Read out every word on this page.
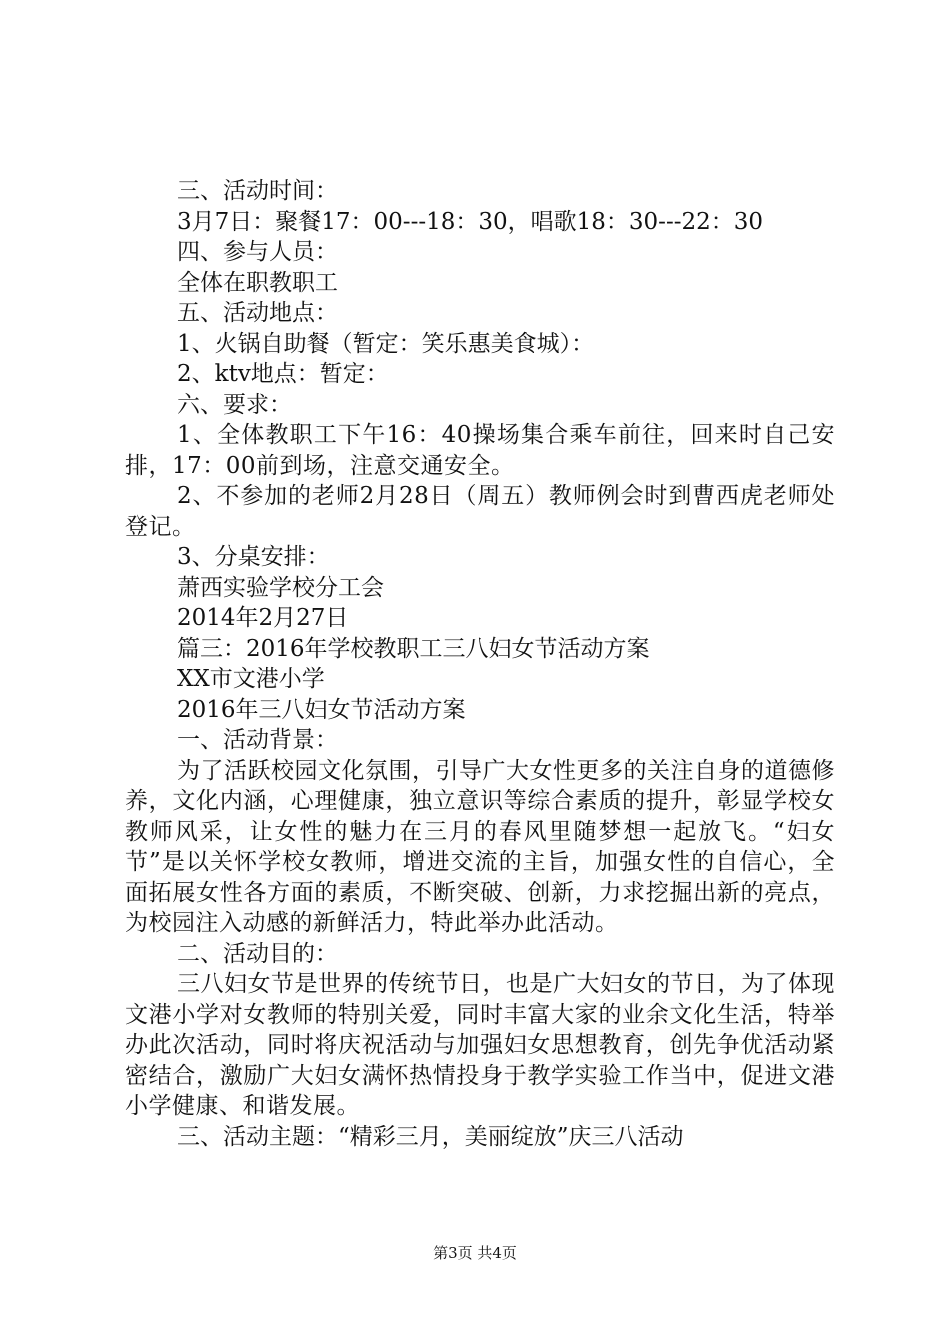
三、活动时间：
3月7日：聚餐17：00---18：30，唱歌18：30---22：30
四、参与人员：
全体在职教职工
五、活动地点：
1、火锅自助餐（暂定：笑乐惠美食城）：
2、ktv地点：暂定：
六、要求：

1、全体教职工下午16：40操场集合乘车前往，回来时自己安排，17：00前到场，注意交通安全。

2、不参加的老师2月28日（周五）教师例会时到曹西虎老师处登记。

3、分桌安排：
萧西实验学校分工会
2014年2月27日
篇三：2016年学校教职工三八妇女节活动方案
XX市文港小学
2016年三八妇女节活动方案
一、活动背景：

为了活跃校园文化氛围，引导广大女性更多的关注自身的道德修养，文化内涵，心理健康，独立意识等综合素质的提升，彰显学校女教师风采，让女性的魅力在三月的春风里随梦想一起放飞。“妇女节”是以关怀学校女教师，增进交流的主旨，加强女性的自信心，全面拓展女性各方面的素质，不断突破、创新，力求挖掘出新的亮点，为校园注入动感的新鲜活力，特此举办此活动。

二、活动目的：

三八妇女节是世界的传统节日，也是广大妇女的节日，为了体现文港小学对女教师的特别关爱，同时丰富大家的业余文化生活，特举办此次活动，同时将庆祝活动与加强妇女思想教育，创先争优活动紧密结合，激励广大妇女满怀热情投身于教学实验工作当中，促进文港小学健康、和谐发展。

三、活动主题：“精彩三月，美丽绽放”庆三八活动
第3页 共4页
